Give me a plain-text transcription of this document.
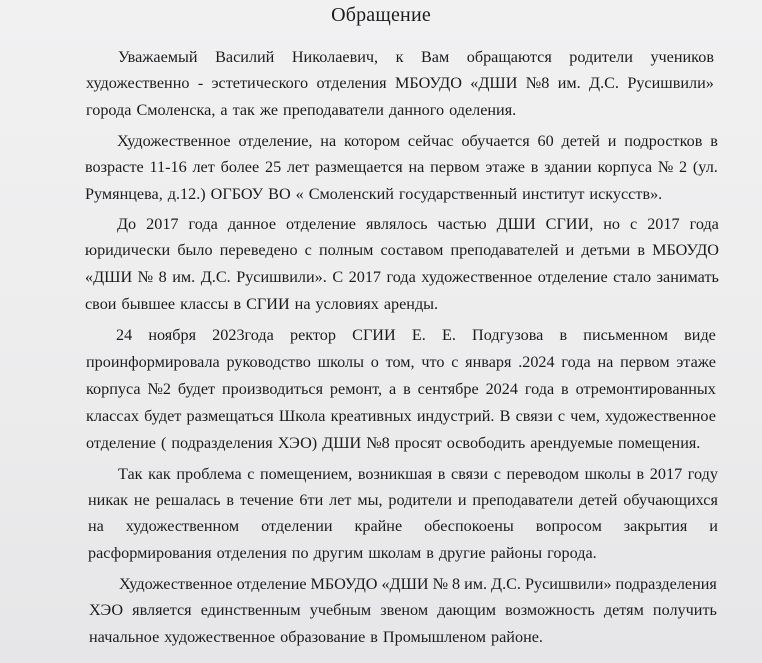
Обращение
Уважаемый Василий Николаевич, к Вам обращаются родители учеников
художественно - эстетического отделения МБОУДО «ДШИ №8 им. Д.С. Русишвили»
города Смоленска, а так же преподаватели данного оделения.
Художественное отделение, на котором сейчас обучается 60 детей и подростков в
возрасте 11-16 лет более 25 лет размещается на первом этаже в здании корпуса № 2 (ул.
Румянцева, д.12.) ОГБОУ ВО « Смоленский государственный институт искусств».
До 2017 года данное отделение являлось частью ДШИ СГИИ, но с 2017 года
юридически было переведено с полным составом преподавателей и детьми в МБОУДО
«ДШИ № 8 им. Д.С. Русишвили». С 2017 года художественное отделение стало занимать
свои бывшее классы в СГИИ на условиях аренды.
24 ноября 2023года ректор СГИИ Е. Е. Подгузова в письменном виде
проинформировала руководство школы о том, что с января .2024 года на первом этаже
корпуса №2 будет производиться ремонт, а в сентябре 2024 года в отремонтированных
классах будет размещаться Школа креативных индустрий. В связи с чем, художественное
отделение ( подразделения ХЭО) ДШИ №8 просят освободить арендуемые помещения.
Так как проблема с помещением, возникшая в связи с переводом школы в 2017 году
никак не решалась в течение 6ти лет мы, родители и преподаватели детей обучающихся
на художественном отделении крайне обеспокоены вопросом закрытия и
расформирования отделения по другим школам в другие районы города.
Художественное отделение МБОУДО «ДШИ № 8 им. Д.С. Русишвили» подразделения
ХЭО является единственным учебным звеном дающим возможность детям получить
начальное художественное образование в Промышленом районе.
